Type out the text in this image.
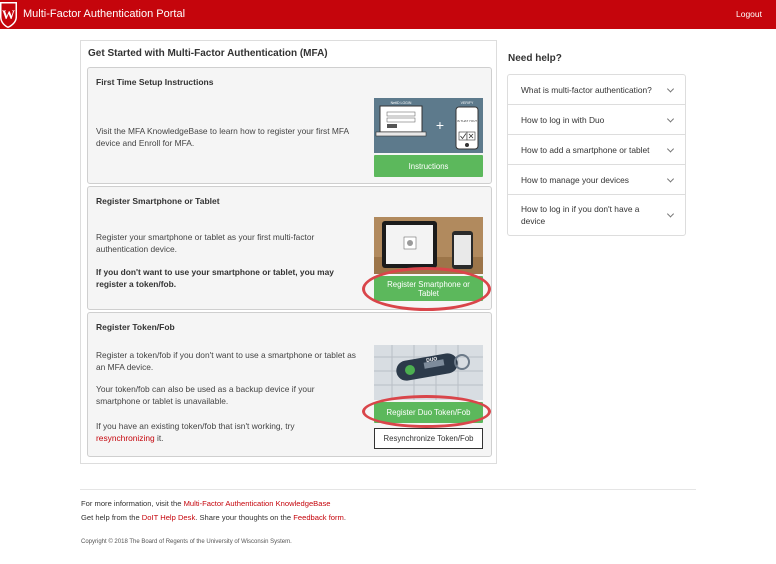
W Multi-Factor Authentication Portal	Logout
Get Started with Multi-Factor Authentication (MFA)
First Time Setup Instructions
Visit the MFA KnowledgeBase to learn how to register your first MFA device and Enroll for MFA.
NetID LOGIN
+
VERIFY
IS THAT YOU?
Instructions
Register Smartphone or Tablet
Register your smartphone or tablet as your first multi-factor authentication device.
If you don't want to use your smartphone or tablet, you may register a token/fob.	Register Smartphone or Tablet
Register Token/Fob
Register a token/fob if you don't want to use a smartphone or tablet as an MFA device.
Your token/fob can also be used as a backup device if your smartphone or tablet is unavailable.
If you have an existing token/fob that isn't working, try resynchronizing it.
DUO
Register Duo Token/Fob
Resynchronize Token/Fob
Need help?
What is multi-factor authentication?
How to log in with Duo
How to add a smartphone or tablet
How to manage your devices
How to log in if you don't have a device
For more information, visit the Multi-Factor Authentication KnowledgeBase
Get help from the DoIT Help Desk. Share your thoughts on the Feedback form.
Copyright © 2018 The Board of Regents of the University of Wisconsin System.
